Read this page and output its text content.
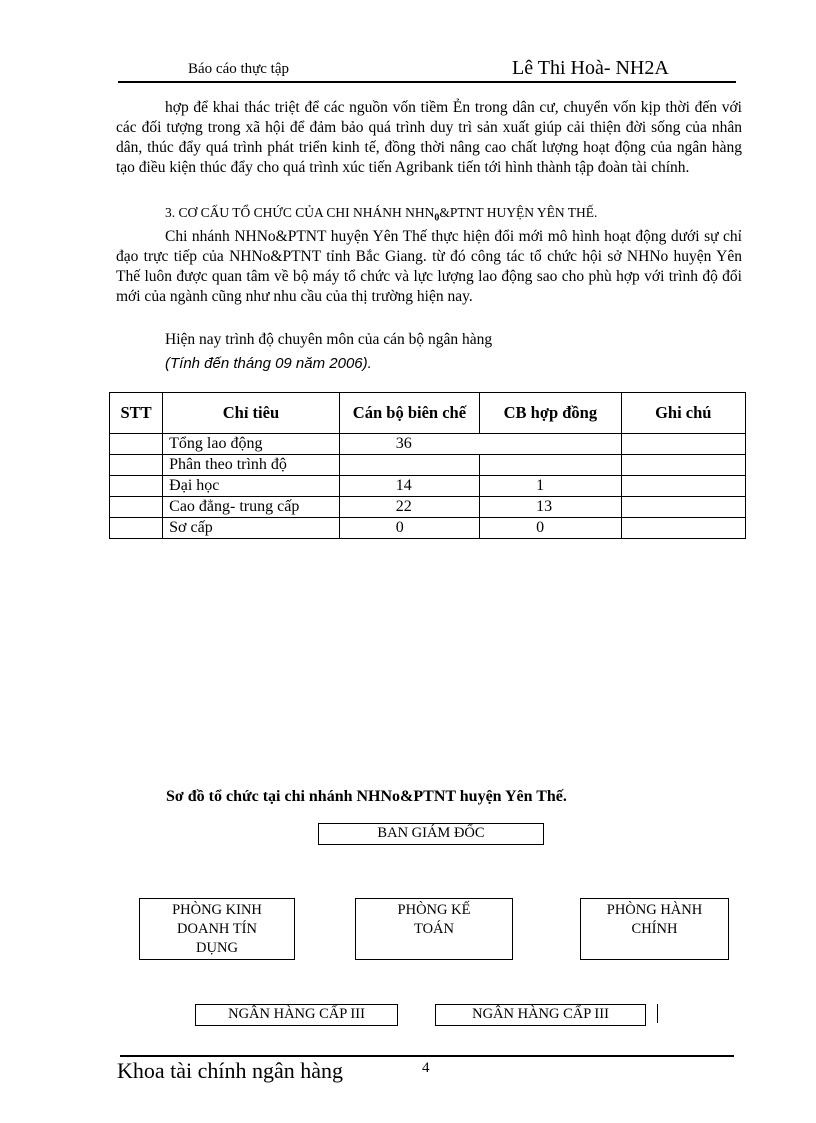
Báo cáo thực tập	Lê Thi Hoà- NH2A

hợp để khai thác triệt để các nguồn vốn tiềm Ẻn trong dân cư, chuyển vốn kịp thời đến với các đối tượng trong xã hội để đảm bảo quá trình duy trì sản xuất giúp cải thiện đời sống của nhân dân, thúc đẩy quá trình phát triển kinh tế, đồng thời nâng cao chất lượng hoạt động của ngân hàng tạo điều kiện thúc đẩy cho quá trình xúc tiến Agribank tiến tới hình thành tập đoàn tài chính.

3. CƠ CẤU TỔ CHỨC CỦA CHI NHÁNH $NHN_0\&PTNT$ HUYỆN YÊN THẾ.

Chi nhánh NHNo&PTNT huyện Yên Thế thực hiện đổi mới mô hình hoạt động dưới sự chỉ đạo trực tiếp của NHNo&PTNT tỉnh Bắc Giang. từ đó công tác tổ chức hội sở NHNo huyện Yên Thế luôn được quan tâm về bộ máy tổ chức và lực lượng lao động sao cho phù hợp với trình độ đổi mới của ngành cũng như nhu cầu của thị trường hiện nay.

Hiện nay trình độ chuyên môn của cán bộ ngân hàng
(Tính đến tháng 09 năm 2006).
STT	Chỉ tiêu	Cán bộ biên chế	CB hợp đồng	Ghi chú
	Tổng lao động	36		
	Phân theo trình độ			
	Đại học	14	1	
	Cao đẳng- trung cấp	22	13	
	Sơ cấp	0	0	
Sơ đồ tổ chức tại chi nhánh NHNo&PTNT huyện Yên Thế.
BAN GIÁM ĐỐC
PHÒNG KINH DOANH TÍN DỤNG
PHÒNG KẾ TOÁN
PHÒNG HÀNH CHÍNH
NGÂN HÀNG CẤP III	NGÂN HÀNG CẤP III
Khoa tài chính ngân hàng	4
